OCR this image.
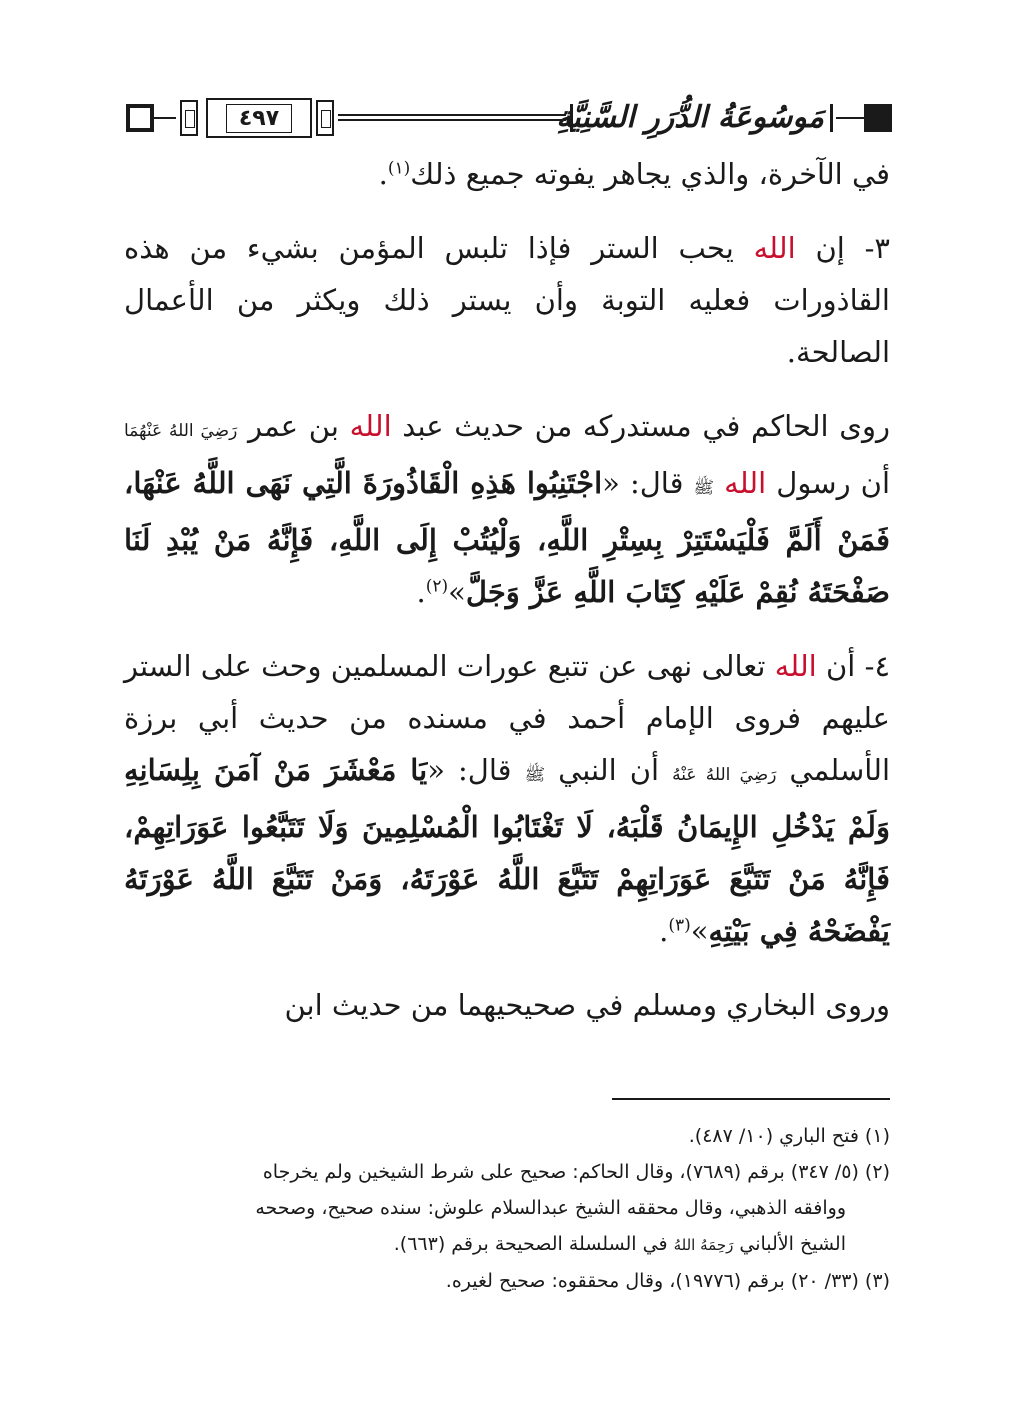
٤٩٧	مَوسُوعَةُ الدُّرَرِ السَّنِيَّةِ

في الآخرة، والذي يجاهر يفوته جميع ذلك$^{(١)}$.

٣- إن الله يحب الستر فإذا تلبس المؤمن بشيء من هذه القاذورات فعليه التوبة وأن يستر ذلك ويكثر من الأعمال الصالحة.

روى الحاكم في مستدركه من حديث عبد الله بن عمر رَضِيَ اللهُ عَنْهُمَا أن رسول الله ﷺ قال: «اجْتَنِبُوا هَذِهِ الْقَاذُورَةَ الَّتِي نَهَى اللَّهُ عَنْهَا، فَمَنْ أَلَمَّ فَلْيَسْتَتِرْ بِسِتْرِ اللَّهِ، وَلْيُتُبْ إِلَى اللَّهِ، فَإِنَّهُ مَنْ يُبْدِ لَنَا صَفْحَتَهُ نُقِمْ عَلَيْهِ كِتَابَ اللَّهِ عَزَّ وَجَلَّ»$^{(٢)}$.

٤- أن الله تعالى نهى عن تتبع عورات المسلمين وحث على الستر عليهم فروى الإمام أحمد في مسنده من حديث أبي برزة الأسلمي رَضِيَ اللهُ عَنْهُ أن النبي ﷺ قال: «يَا مَعْشَرَ مَنْ آمَنَ بِلِسَانِهِ وَلَمْ يَدْخُلِ الإِيمَانُ قَلْبَهُ، لَا تَغْتَابُوا الْمُسْلِمِينَ وَلَا تَتَبَّعُوا عَوَرَاتِهِمْ، فَإِنَّهُ مَنْ تَتَبَّعَ عَوَرَاتِهِمْ تَتَبَّعَ اللَّهُ عَوْرَتَهُ، وَمَنْ تَتَبَّعَ اللَّهُ عَوْرَتَهُ يَفْضَحْهُ فِي بَيْتِهِ»$^{(٣)}$.

وروى البخاري ومسلم في صحيحيهما من حديث ابن

(١) فتح الباري (١٠/ ٤٨٧).

(٢) (٥/ ٣٤٧) برقم (٧٦٨٩)، وقال الحاكم: صحيح على شرط الشيخين ولم يخرجاه

ووافقه الذهبي، وقال محققه الشيخ عبدالسلام علوش: سنده صحيح، وصححه

الشيخ الألباني رَحِمَهُ اللهُ في السلسلة الصحيحة برقم (٦٦٣).

(٣) (٣٣/ ٢٠) برقم (١٩٧٧٦)، وقال محققوه: صحيح لغيره.
